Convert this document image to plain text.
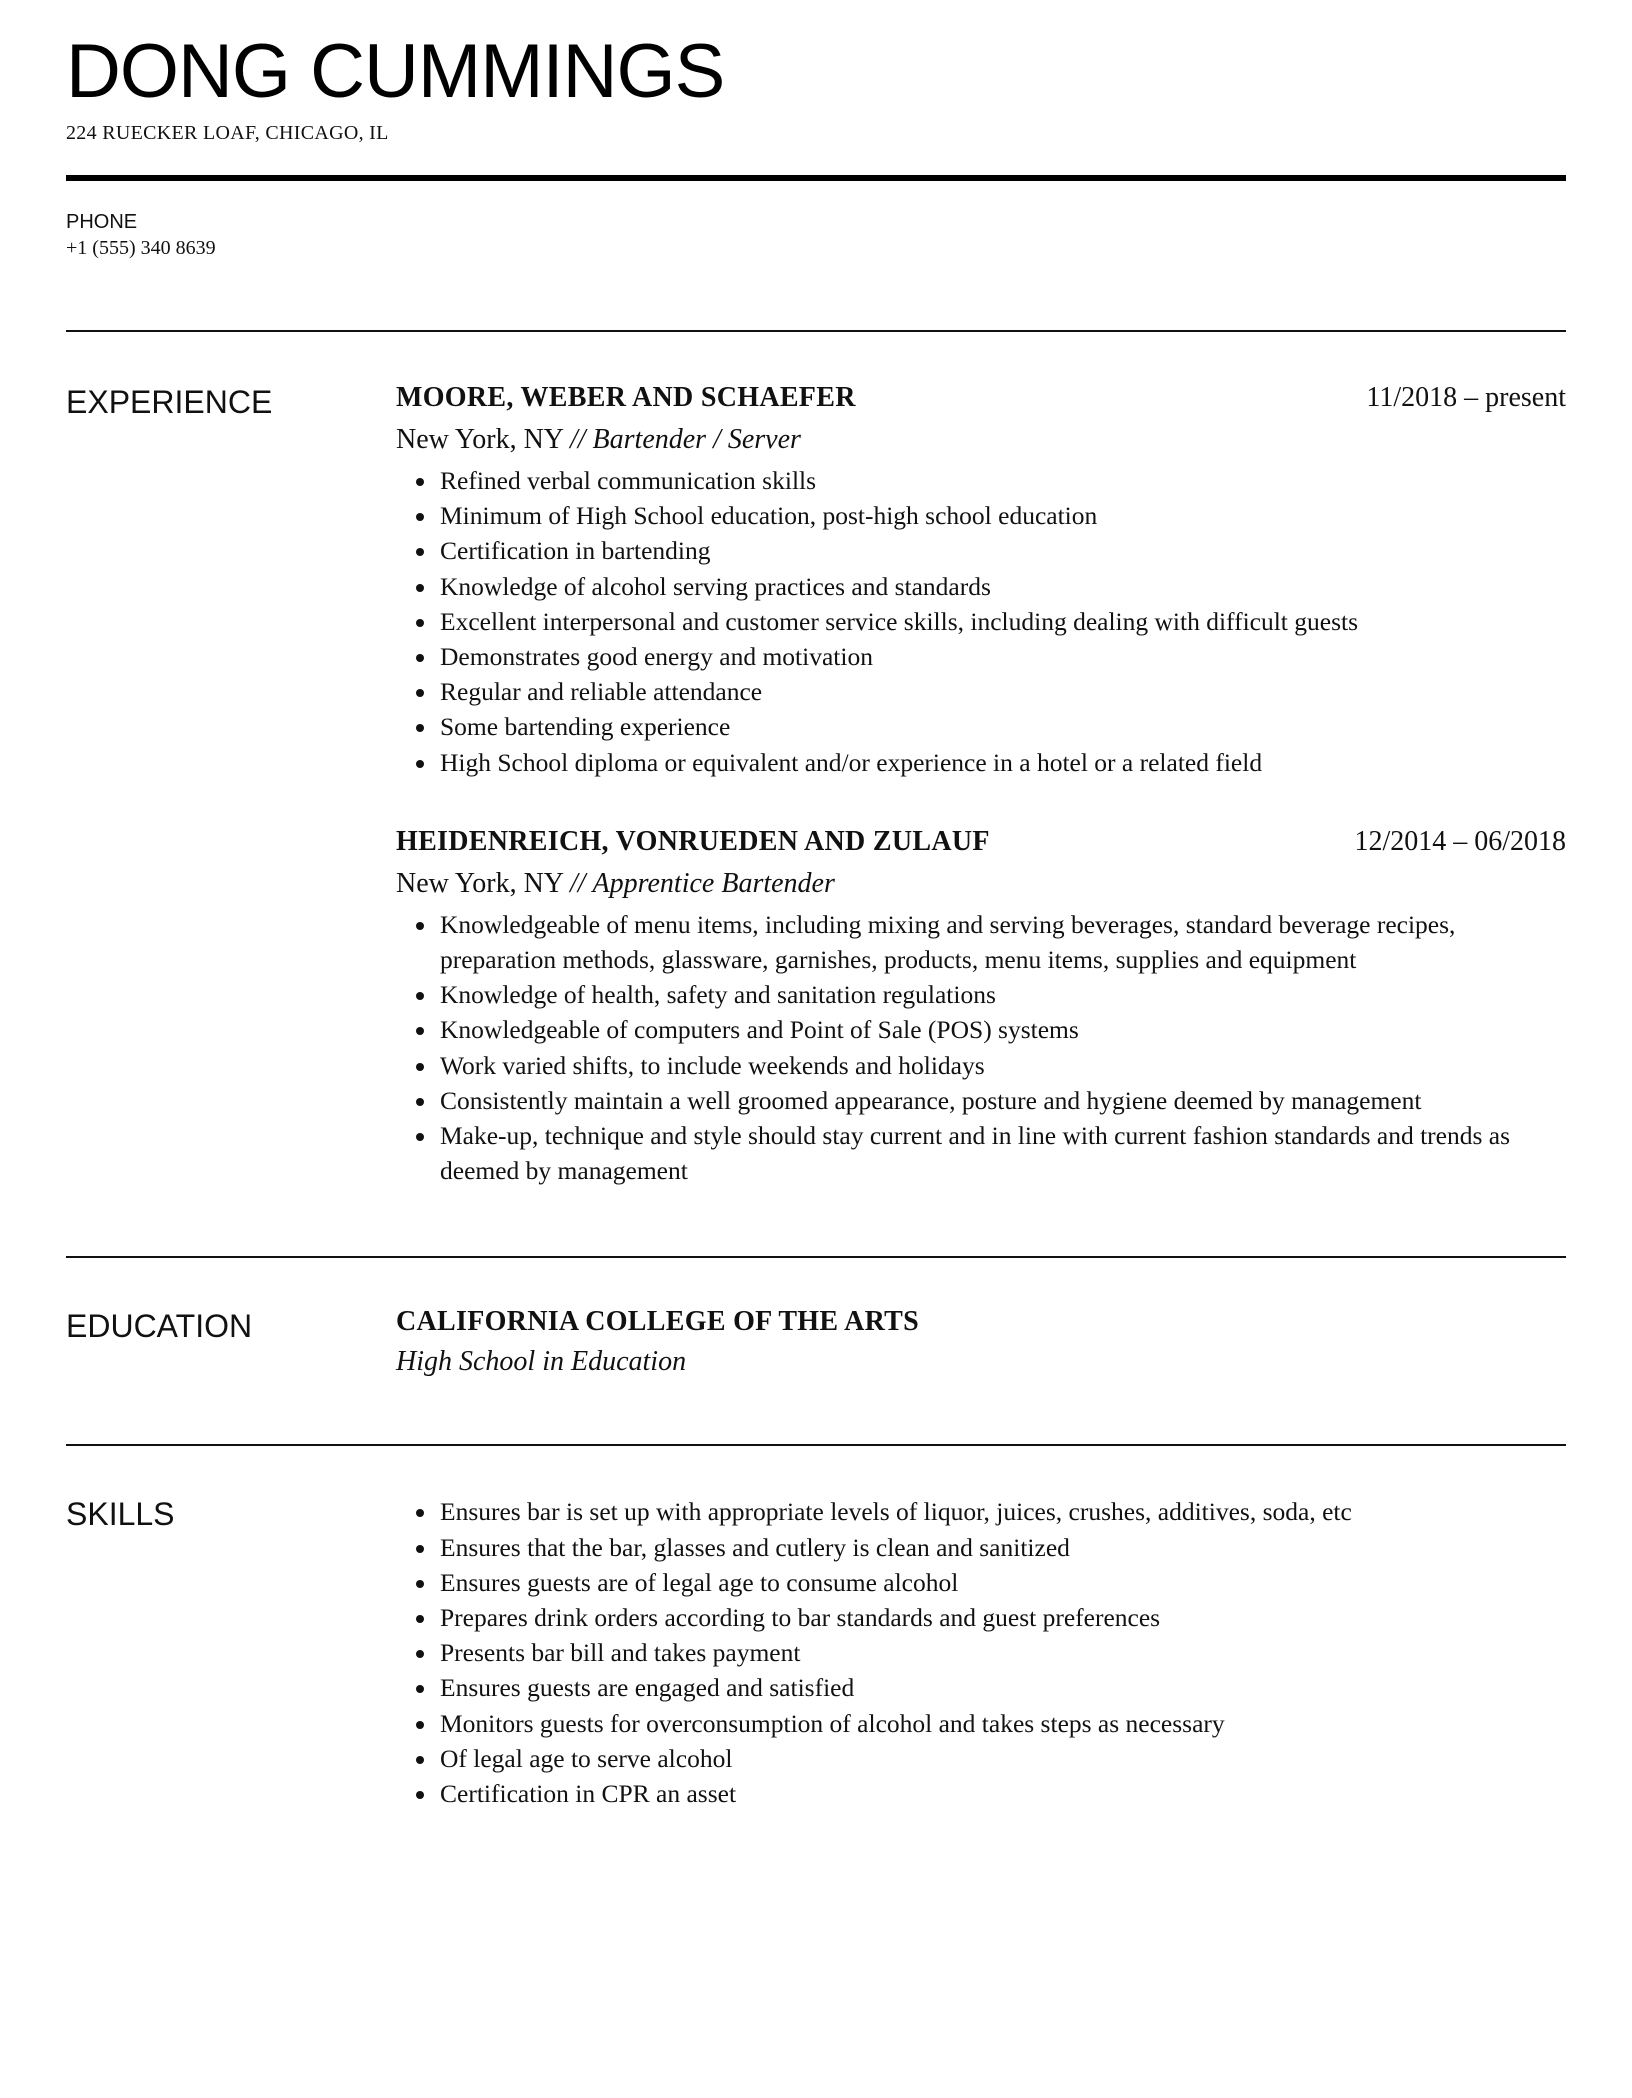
DONG CUMMINGS
224 RUECKER LOAF, CHICAGO, IL
PHONE
+1 (555) 340 8639
EXPERIENCE	MOORE, WEBER AND SCHAEFER	11/2018 – present
New York, NY // Bartender / Server
• Refined verbal communication skills
• Minimum of High School education, post-high school education
• Certification in bartending
• Knowledge of alcohol serving practices and standards
• Excellent interpersonal and customer service skills, including dealing with difficult guests
• Demonstrates good energy and motivation
• Regular and reliable attendance
• Some bartending experience
• High School diploma or equivalent and/or experience in a hotel or a related field
HEIDENREICH, VONRUEDEN AND ZULAUF	12/2014 – 06/2018
New York, NY // Apprentice Bartender
• Knowledgeable of menu items, including mixing and serving beverages, standard beverage recipes, preparation methods, glassware, garnishes, products, menu items, supplies and equipment
• Knowledge of health, safety and sanitation regulations
• Knowledgeable of computers and Point of Sale (POS) systems
• Work varied shifts, to include weekends and holidays
• Consistently maintain a well groomed appearance, posture and hygiene deemed by management
• Make-up, technique and style should stay current and in line with current fashion standards and trends as deemed by management
EDUCATION	CALIFORNIA COLLEGE OF THE ARTS
High School in Education
SKILLS
•	Ensures bar is set up with appropriate levels of liquor, juices, crushes, additives, soda, etc
• Ensures that the bar, glasses and cutlery is clean and sanitized
• Ensures guests are of legal age to consume alcohol
• Prepares drink orders according to bar standards and guest preferences
• Presents bar bill and takes payment
• Ensures guests are engaged and satisfied
• Monitors guests for overconsumption of alcohol and takes steps as necessary
• Of legal age to serve alcohol
• Certification in CPR an asset
